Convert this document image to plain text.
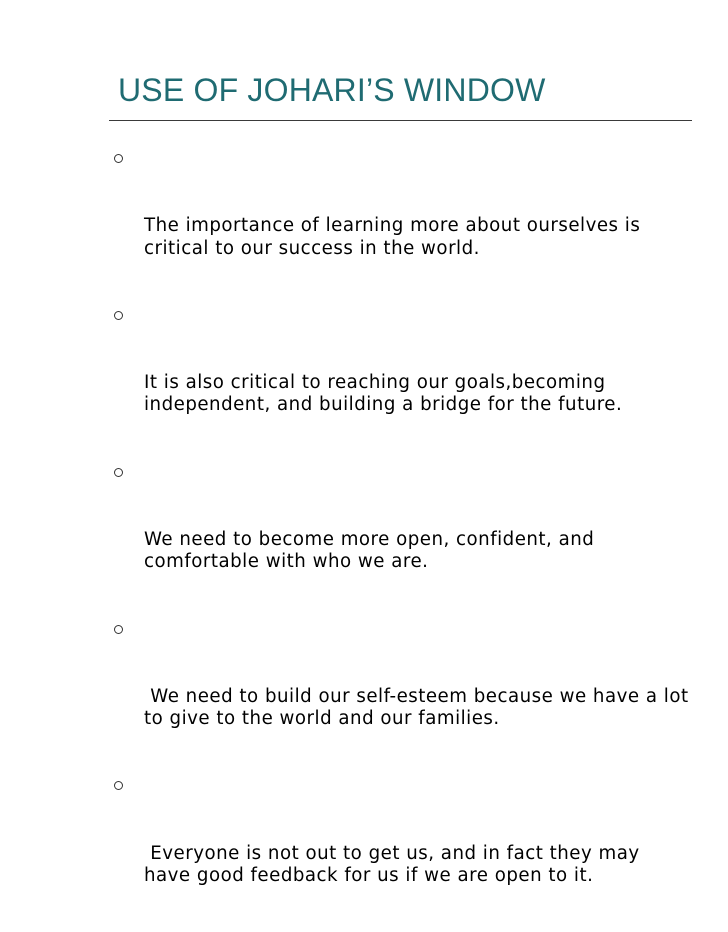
USE OF JOHARI’S WINDOW

The importance of learning more about ourselves is critical to our success in the world.

It is also critical to reaching our goals,becoming independent, and building a bridge for the future.

We need to become more open, confident, and comfortable with who we are.

We need to build our self-esteem because we have a lot to give to the world and our families.

Everyone is not out to get us, and in fact they may have good feedback for us if we are open to it.
